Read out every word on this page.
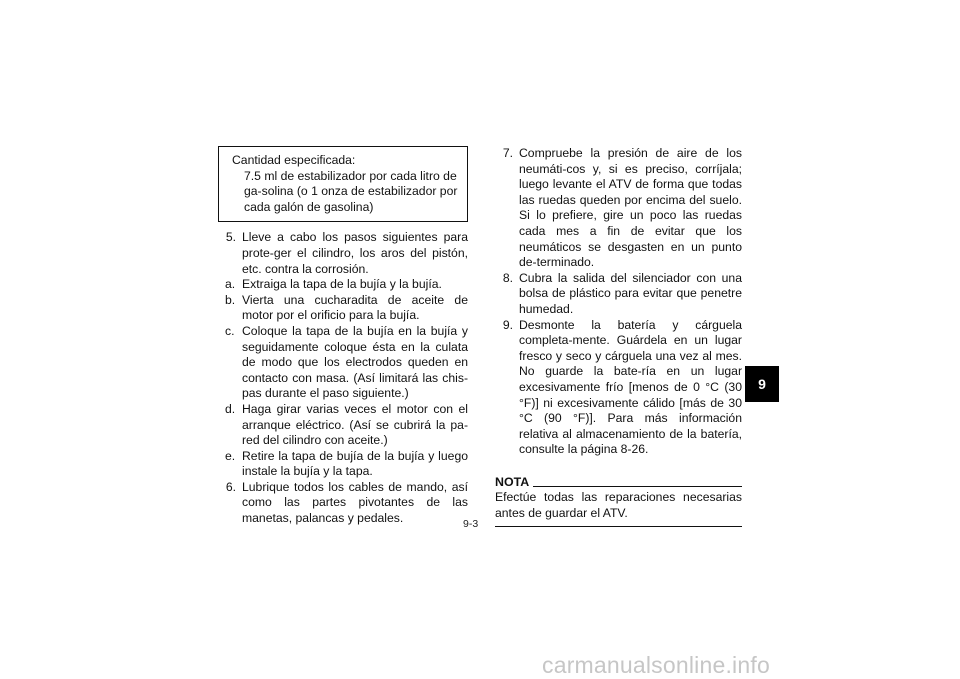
Cantidad especificada:
7.5 ml de estabilizador por cada litro de ga-solina (o 1 onza de estabilizador por cada galón de gasolina)
5. Lleve a cabo los pasos siguientes para prote-ger el cilindro, los aros del pistón, etc. contra la corrosión.
a. Extraiga la tapa de la bujía y la bujía.
b. Vierta una cucharadita de aceite de motor por el orificio para la bujía.
c. Coloque la tapa de la bujía en la bujía y seguidamente coloque ésta en la culata de modo que los electrodos queden en contacto con masa. (Así limitará las chis-pas durante el paso siguiente.)
d. Haga girar varias veces el motor con el arranque eléctrico. (Así se cubrirá la pa-red del cilindro con aceite.)
e. Retire la tapa de bujía de la bujía y luego instale la bujía y la tapa.
6. Lubrique todos los cables de mando, así como las partes pivotantes de las manetas, palancas y pedales.
7. Compruebe la presión de aire de los neumáti-cos y, si es preciso, corríjala; luego levante el ATV de forma que todas las ruedas queden por encima del suelo. Si lo prefiere, gire un poco las ruedas cada mes a fin de evitar que los neumáticos se desgasten en un punto de-terminado.
8. Cubra la salida del silenciador con una bolsa de plástico para evitar que penetre humedad.
9. Desmonte la batería y cárguela completa-mente. Guárdela en un lugar fresco y seco y cárguela una vez al mes. No guarde la bate-ría en un lugar excesivamente frío [menos de 0 °C (30 °F)] ni excesivamente cálido [más de 30 °C (90 °F)]. Para más información relativa al almacenamiento de la batería, consulte la página 8-26.
NOTA
Efectúe todas las reparaciones necesarias antes de guardar el ATV.
9
9-3
carmanualsonline.info
